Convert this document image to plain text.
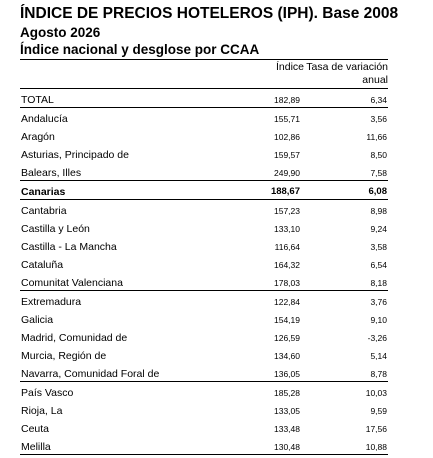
ÍNDICE DE PRECIOS HOTELEROS (IPH). Base 2008
Agosto 2026
Índice nacional y desglose por CCAA
	Índice	Tasa de variación
anual

TOTAL	182,89	6,34
Andalucía	155,71	3,56
Aragón	102,86	11,66
Asturias, Principado de	159,57	8,50
Balears, Illes	249,90	7,58
Canarias	188,67	6,08
Cantabria	157,23	8,98
Castilla y León	133,10	9,24
Castilla - La Mancha	116,64	3,58
Cataluña	164,32	6,54
Comunitat Valenciana	178,03	8,18
Extremadura	122,84	3,76
Galicia	154,19	9,10
Madrid, Comunidad de	126,59	-3,26
Murcia, Región de	134,60	5,14
Navarra, Comunidad Foral de	136,05	8,78
País Vasco	185,28	10,03
Rioja, La	133,05	9,59
Ceuta	133,48	17,56
Melilla	130,48	10,88
